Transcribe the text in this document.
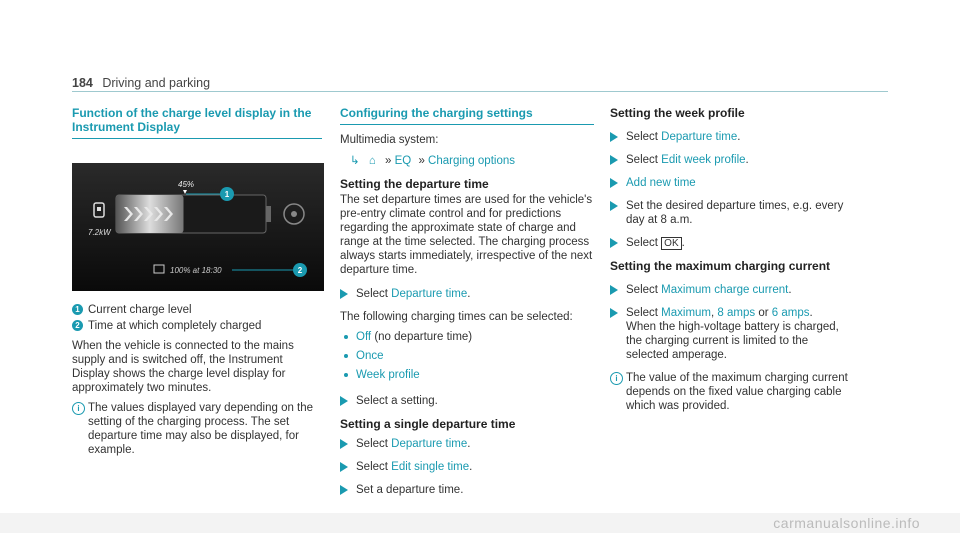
184 Driving and parking
Function of the charge level display in the Instrument Display
45%
7.2kW
1
100% at 18:30	2
1 Current charge level
2 Time at which completely charged

When the vehicle is connected to the mains supply and is switched off, the Instrument Display shows the charge level display for approximately two minutes.

i The values displayed vary depending on the setting of the charging process. The set departure time may also be displayed, for example.
Configuring the charging settings

Multimedia system:

↳ ⌂ » EQ » Charging options
Setting the departure time

The set departure times are used for the vehicle's pre-entry climate control and for predictions regarding the approximate state of charge and range at the time selected. The charging process always starts immediately, irrespective of the next departure time.

Select Departure time.

The following charging times can be selected:

Off (no departure time)
Once
Week profile
Select a setting.
Setting a single departure time
Select Departure time.
Select Edit single time.
Set a departure time.
Setting the week profile
Select Departure time.
Select Edit week profile.
Add new time
Set the desired departure times, e.g. every day at 8 a.m.
Select OK .
Setting the maximum charging current
Select Maximum charge current.
Select Maximum, 8 amps or 6 amps.
When the high-voltage battery is charged, the charging current is limited to the selected amperage.
i The value of the maximum charging current depends on the fixed value charging cable which was provided.
carmanualsonline.info
